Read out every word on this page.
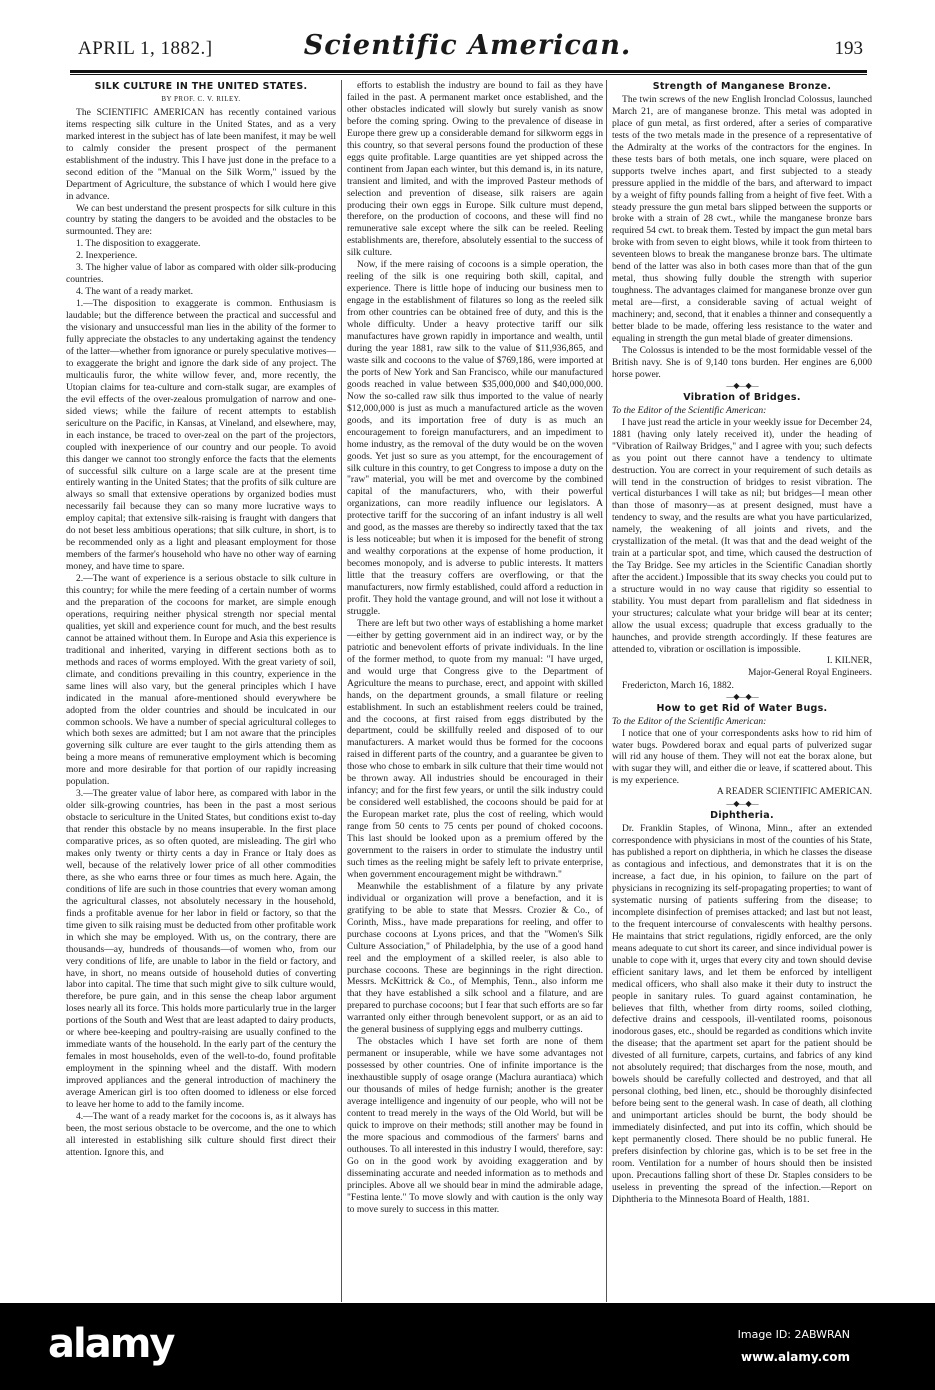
APRIL 1, 1882.]	Scientific American.	193
SILK CULTURE IN THE UNITED STATES.
BY PROF. C. V. RILEY.

The SCIENTIFIC AMERICAN has recently contained various items respecting silk culture in the United States, and as a very marked interest in the subject has of late been manifest, it may be well to calmly consider the present prospect of the permanent establishment of the industry. This I have just done in the preface to a second edition of the "Manual on the Silk Worm," issued by the Department of Agriculture, the substance of which I would here give in advance.

We can best understand the present prospects for silk culture in this country by stating the dangers to be avoided and the obstacles to be surmounted. They are:

1. The disposition to exaggerate.

2. Inexperience.

3. The higher value of labor as compared with older silk-producing countries.

4. The want of a ready market.

1.—The disposition to exaggerate is common. Enthusiasm is laudable; but the difference between the practical and successful and the visionary and unsuccessful man lies in the ability of the former to fully appreciate the obstacles to any undertaking against the tendency of the latter—whether from ignorance or purely speculative motives—to exaggerate the bright and ignore the dark side of any project. The multicaulis furor, the white willow fever, and, more recently, the Utopian claims for tea-culture and corn-stalk sugar, are examples of the evil effects of the over-zealous promulgation of narrow and one-sided views; while the failure of recent attempts to establish sericulture on the Pacific, in Kansas, at Vineland, and elsewhere, may, in each instance, be traced to over-zeal on the part of the projectors, coupled with inexperience of our country and our people. To avoid this danger we cannot too strongly enforce the facts that the elements of successful silk culture on a large scale are at the present time entirely wanting in the United States; that the profits of silk culture are always so small that extensive operations by organized bodies must necessarily fail because they can so many more lucrative ways to employ capital; that extensive silk-raising is fraught with dangers that do not beset less ambitious operations; that silk culture, in short, is to be recommended only as a light and pleasant employment for those members of the farmer's household who have no other way of earning money, and have time to spare.

2.—The want of experience is a serious obstacle to silk culture in this country; for while the mere feeding of a certain number of worms and the preparation of the cocoons for market, are simple enough operations, requiring neither physical strength nor special mental qualities, yet skill and experience count for much, and the best results cannot be attained without them. In Europe and Asia this experience is traditional and inherited, varying in different sections both as to methods and races of worms employed. With the great variety of soil, climate, and conditions prevailing in this country, experience in the same lines will also vary, but the general principles which I have indicated in the manual afore-mentioned should everywhere be adopted from the older countries and should be inculcated in our common schools. We have a number of special agricultural colleges to which both sexes are admitted; but I am not aware that the principles governing silk culture are ever taught to the girls attending them as being a more means of remunerative employment which is becoming more and more desirable for that portion of our rapidly increasing population.

3.—The greater value of labor here, as compared with labor in the older silk-growing countries, has been in the past a most serious obstacle to sericulture in the United States, but conditions exist to-day that render this obstacle by no means insuperable. In the first place comparative prices, as so often quoted, are misleading. The girl who makes only twenty or thirty cents a day in France or Italy does as well, because of the relatively lower price of all other commodities there, as she who earns three or four times as much here. Again, the conditions of life are such in those countries that every woman among the agricultural classes, not absolutely necessary in the household, finds a profitable avenue for her labor in field or factory, so that the time given to silk raising must be deducted from other profitable work in which she may be employed. With us, on the contrary, there are thousands—ay, hundreds of thousands—of women who, from our very conditions of life, are unable to labor in the field or factory, and have, in short, no means outside of household duties of converting labor into capital. The time that such might give to silk culture would, therefore, be pure gain, and in this sense the cheap labor argument loses nearly all its force. This holds more particularly true in the larger portions of the South and West that are least adapted to dairy products, or where bee-keeping and poultry-raising are usually confined to the immediate wants of the household. In the early part of the century the females in most households, even of the well-to-do, found profitable employment in the spinning wheel and the distaff. With modern improved appliances and the general introduction of machinery the average American girl is too often doomed to idleness or else forced to leave her home to add to the family income.

4.—The want of a ready market for the cocoons is, as it always has been, the most serious obstacle to be overcome, and the one to which all interested in establishing silk culture should first direct their attention. Ignore this, and

efforts to establish the industry are bound to fail as they have failed in the past. A permanent market once established, and the other obstacles indicated will slowly but surely vanish as snow before the coming spring. Owing to the prevalence of disease in Europe there grew up a considerable demand for silkworm eggs in this country, so that several persons found the production of these eggs quite profitable. Large quantities are yet shipped across the continent from Japan each winter, but this demand is, in its nature, transient and limited, and with the improved Pasteur methods of selection and prevention of disease, silk raisers are again producing their own eggs in Europe. Silk culture must depend, therefore, on the production of cocoons, and these will find no remunerative sale except where the silk can be reeled. Reeling establishments are, therefore, absolutely essential to the success of silk culture.

Now, if the mere raising of cocoons is a simple operation, the reeling of the silk is one requiring both skill, capital, and experience. There is little hope of inducing our business men to engage in the establishment of filatures so long as the reeled silk from other countries can be obtained free of duty, and this is the whole difficulty. Under a heavy protective tariff our silk manufactures have grown rapidly in importance and wealth, until during the year 1881, raw silk to the value of $11,936,865, and waste silk and cocoons to the value of $769,186, were imported at the ports of New York and San Francisco, while our manufactured goods reached in value between $35,000,000 and $40,000,000. Now the so-called raw silk thus imported to the value of nearly $12,000,000 is just as much a manufactured article as the woven goods, and its importation free of duty is as much an encouragement to foreign manufacturers, and an impediment to home industry, as the removal of the duty would be on the woven goods. Yet just so sure as you attempt, for the encouragement of silk culture in this country, to get Congress to impose a duty on the "raw" material, you will be met and overcome by the combined capital of the manufacturers, who, with their powerful organizations, can more readily influence our legislators. A protective tariff for the succoring of an infant industry is all well and good, as the masses are thereby so indirectly taxed that the tax is less noticeable; but when it is imposed for the benefit of strong and wealthy corporations at the expense of home production, it becomes monopoly, and is adverse to public interests. It matters little that the treasury coffers are overflowing, or that the manufacturers, now firmly established, could afford a reduction in profit. They hold the vantage ground, and will not lose it without a struggle.

There are left but two other ways of establishing a home market—either by getting government aid in an indirect way, or by the patriotic and benevolent efforts of private individuals. In the line of the former method, to quote from my manual: "I have urged, and would urge that Congress give to the Department of Agriculture the means to purchase, erect, and appoint with skilled hands, on the department grounds, a small filature or reeling establishment. In such an establishment reelers could be trained, and the cocoons, at first raised from eggs distributed by the department, could be skillfully reeled and disposed of to our manufacturers. A market would thus be formed for the cocoons raised in different parts of the country, and a guarantee be given to those who chose to embark in silk culture that their time would not be thrown away. All industries should be encouraged in their infancy; and for the first few years, or until the silk industry could be considered well established, the cocoons should be paid for at the European market rate, plus the cost of reeling, which would range from 50 cents to 75 cents per pound of choked cocoons. This last should be looked upon as a premium offered by the government to the raisers in order to stimulate the industry until such times as the reeling might be safely left to private enterprise, when government encouragement might be withdrawn."

Meanwhile the establishment of a filature by any private individual or organization will prove a benefaction, and it is gratifying to be able to state that Messrs. Crozier & Co., of Corinth, Miss., have made preparations for reeling, and offer to purchase cocoons at Lyons prices, and that the "Women's Silk Culture Association," of Philadelphia, by the use of a good hand reel and the employment of a skilled reeler, is also able to purchase cocoons. These are beginnings in the right direction. Messrs. McKittrick & Co., of Memphis, Tenn., also inform me that they have established a silk school and a filature, and are prepared to purchase cocoons; but I fear that such efforts are so far warranted only either through benevolent support, or as an aid to the general business of supplying eggs and mulberry cuttings.

The obstacles which I have set forth are none of them permanent or insuperable, while we have some advantages not possessed by other countries. One of infinite importance is the inexhaustible supply of osage orange (Maclura aurantiaca) which our thousands of miles of hedge furnish; another is the greater average intelligence and ingenuity of our people, who will not be content to tread merely in the ways of the Old World, but will be quick to improve on their methods; still another may be found in the more spacious and commodious of the farmers' barns and outhouses. To all interested in this industry I would, therefore, say: Go on in the good work by avoiding exaggeration and by disseminating accurate and needed information as to methods and principles. Above all we should bear in mind the admirable adage, "Festina lente." To move slowly and with caution is the only way to move surely to success in this matter.

Strength of Manganese Bronze.

The twin screws of the new English Ironclad Colossus, launched March 21, are of manganese bronze. This metal was adopted in place of gun metal, as first ordered, after a series of comparative tests of the two metals made in the presence of a representative of the Admiralty at the works of the contractors for the engines. In these tests bars of both metals, one inch square, were placed on supports twelve inches apart, and first subjected to a steady pressure applied in the middle of the bars, and afterward to impact by a weight of fifty pounds falling from a height of five feet. With a steady pressure the gun metal bars slipped between the supports or broke with a strain of 28 cwt., while the manganese bronze bars required 54 cwt. to break them. Tested by impact the gun metal bars broke with from seven to eight blows, while it took from thirteen to seventeen blows to break the manganese bronze bars. The ultimate bend of the latter was also in both cases more than that of the gun metal, thus showing fully double the strength with superior toughness. The advantages claimed for manganese bronze over gun metal are—first, a considerable saving of actual weight of machinery; and, second, that it enables a thinner and consequently a better blade to be made, offering less resistance to the water and equaling in strength the gun metal blade of greater dimensions.

The Colossus is intended to be the most formidable vessel of the British navy. She is of 9,140 tons burden. Her engines are 6,000 horse power.

—◆—◆—
Vibration of Bridges.

To the Editor of the Scientific American:

I have just read the article in your weekly issue for December 24, 1881 (having only lately received it), under the heading of "Vibration of Railway Bridges," and I agree with you; such defects as you point out there cannot have a tendency to ultimate destruction. You are correct in your requirement of such details as will tend in the construction of bridges to resist vibration. The vertical disturbances I will take as nil; but bridges—I mean other than those of masonry—as at present designed, must have a tendency to sway, and the results are what you have particularized, namely, the weakening of all joints and rivets, and the crystallization of the metal. (It was that and the dead weight of the train at a particular spot, and time, which caused the destruction of the Tay Bridge. See my articles in the Scientific Canadian shortly after the accident.) Impossible that its sway checks you could put to a structure would in no way cause that rigidity so essential to stability. You must depart from parallelism and flat sidedness in your structures; calculate what your bridge will bear at its center; allow the usual excess; quadruple that excess gradually to the haunches, and provide strength accordingly. If these features are attended to, vibration or oscillation is impossible.

I. KILNER,
Major-General Royal Engineers.

Fredericton, March 16, 1882.

—◆—◆—
How to get Rid of Water Bugs.

To the Editor of the Scientific American:

I notice that one of your correspondents asks how to rid him of water bugs. Powdered borax and equal parts of pulverized sugar will rid any house of them. They will not eat the borax alone, but with sugar they will, and either die or leave, if scattered about. This is my experience.

A READER SCIENTIFIC AMERICAN.
—◆—◆—
Diphtheria.

Dr. Franklin Staples, of Winona, Minn., after an extended correspondence with physicians in most of the counties of his State, has published a report on diphtheria, in which he classes the disease as contagious and infectious, and demonstrates that it is on the increase, a fact due, in his opinion, to failure on the part of physicians in recognizing its self-propagating properties; to want of systematic nursing of patients suffering from the disease; to incomplete disinfection of premises attacked; and last but not least, to the frequent intercourse of convalescents with healthy persons. He maintains that strict regulations, rigidly enforced, are the only means adequate to cut short its career, and since individual power is unable to cope with it, urges that every city and town should devise efficient sanitary laws, and let them be enforced by intelligent medical officers, who shall also make it their duty to instruct the people in sanitary rules. To guard against contamination, he believes that filth, whether from dirty rooms, soiled clothing, defective drains and cesspools, ill-ventilated rooms, poisonous inodorous gases, etc., should be regarded as conditions which invite the disease; that the apartment set apart for the patient should be divested of all furniture, carpets, curtains, and fabrics of any kind not absolutely required; that discharges from the nose, mouth, and bowels should be carefully collected and destroyed, and that all personal clothing, bed linen, etc., should be thoroughly disinfected before being sent to the general wash. In case of death, all clothing and unimportant articles should be burnt, the body should be immediately disinfected, and put into its coffin, which should be kept permanently closed. There should be no public funeral. He prefers disinfection by chlorine gas, which is to be set free in the room. Ventilation for a number of hours should then be insisted upon. Precautions falling short of these Dr. Staples considers to be useless in preventing the spread of the infection.—Report on Diphtheria to the Minnesota Board of Health, 1881.

alamy	Image ID: 2ABWRAN
www.alamy.com
